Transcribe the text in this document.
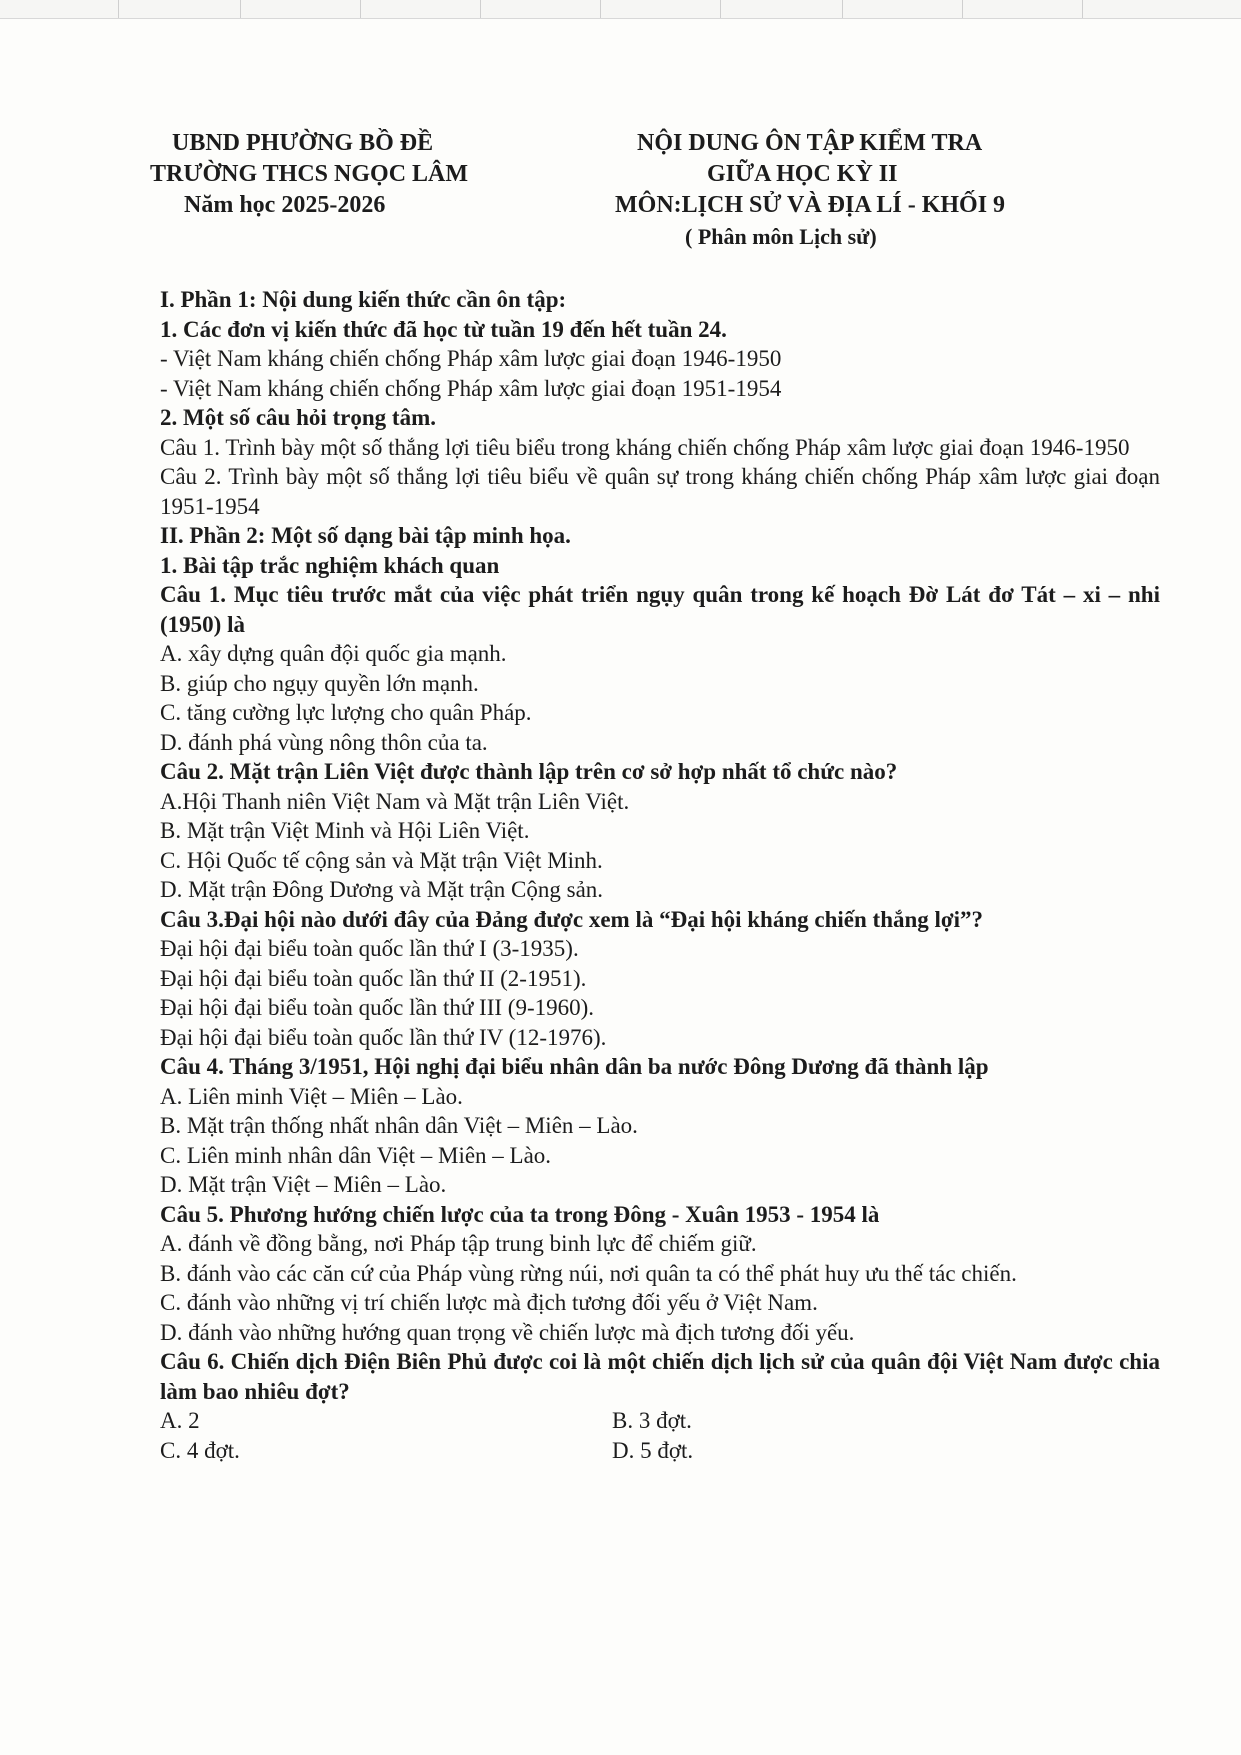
UBND PHƯỜNG BỒ ĐỀ
TRƯỜNG THCS NGỌC LÂM
Năm học 2025-2026
NỘI DUNG ÔN TẬP KIỂM TRA
GIỮA HỌC KỲ II
MÔN:LỊCH SỬ VÀ ĐỊA LÍ - KHỐI 9
( Phân môn Lịch sử)
I. Phần 1: Nội dung kiến thức cần ôn tập:
1. Các đơn vị kiến thức đã học từ tuần 19 đến hết tuần 24.
- Việt Nam kháng chiến chống Pháp xâm lược giai đoạn 1946-1950
- Việt Nam kháng chiến chống Pháp xâm lược giai đoạn 1951-1954
2. Một số câu hỏi trọng tâm.
Câu 1. Trình bày một số thắng lợi tiêu biểu trong kháng chiến chống Pháp xâm lược giai đoạn 1946-1950
Câu 2. Trình bày một số thắng lợi tiêu biểu về quân sự trong kháng chiến chống Pháp xâm lược giai đoạn 1951-1954
II. Phần 2: Một số dạng bài tập minh họa.
1. Bài tập trắc nghiệm khách quan
Câu 1. Mục tiêu trước mắt của việc phát triển ngụy quân trong kế hoạch Đờ Lát đơ Tát – xi – nhi (1950) là
A. xây dựng quân đội quốc gia mạnh.
B. giúp cho ngụy quyền lớn mạnh.
C. tăng cường lực lượng cho quân Pháp.
D. đánh phá vùng nông thôn của ta.
Câu 2. Mặt trận Liên Việt được thành lập trên cơ sở hợp nhất tổ chức nào?
A.Hội Thanh niên Việt Nam và Mặt trận Liên Việt.
B. Mặt trận Việt Minh và Hội Liên Việt.
C. Hội Quốc tế cộng sản và Mặt trận Việt Minh.
D. Mặt trận Đông Dương và Mặt trận Cộng sản.
Câu 3.Đại hội nào dưới đây của Đảng được xem là “Đại hội kháng chiến thắng lợi”?
Đại hội đại biểu toàn quốc lần thứ I (3-1935).
Đại hội đại biểu toàn quốc lần thứ II (2-1951).
Đại hội đại biểu toàn quốc lần thứ III (9-1960).
Đại hội đại biểu toàn quốc lần thứ IV (12-1976).
Câu 4. Tháng 3/1951, Hội nghị đại biểu nhân dân ba nước Đông Dương đã thành lập
A. Liên minh Việt – Miên – Lào.
B. Mặt trận thống nhất nhân dân Việt – Miên – Lào.
C. Liên minh nhân dân Việt – Miên – Lào.
D. Mặt trận Việt – Miên – Lào.
Câu 5. Phương hướng chiến lược của ta trong Đông - Xuân 1953 - 1954 là
A. đánh về đồng bằng, nơi Pháp tập trung binh lực để chiếm giữ.
B. đánh vào các căn cứ của Pháp vùng rừng núi, nơi quân ta có thể phát huy ưu thế tác chiến.
C. đánh vào những vị trí chiến lược mà địch tương đối yếu ở Việt Nam.
D. đánh vào những hướng quan trọng về chiến lược mà địch tương đối yếu.
Câu 6. Chiến dịch Điện Biên Phủ được coi là một chiến dịch lịch sử của quân đội Việt Nam được chia làm bao nhiêu đợt?
A. 2	B. 3 đợt.
C. 4 đợt.	D. 5 đợt.
